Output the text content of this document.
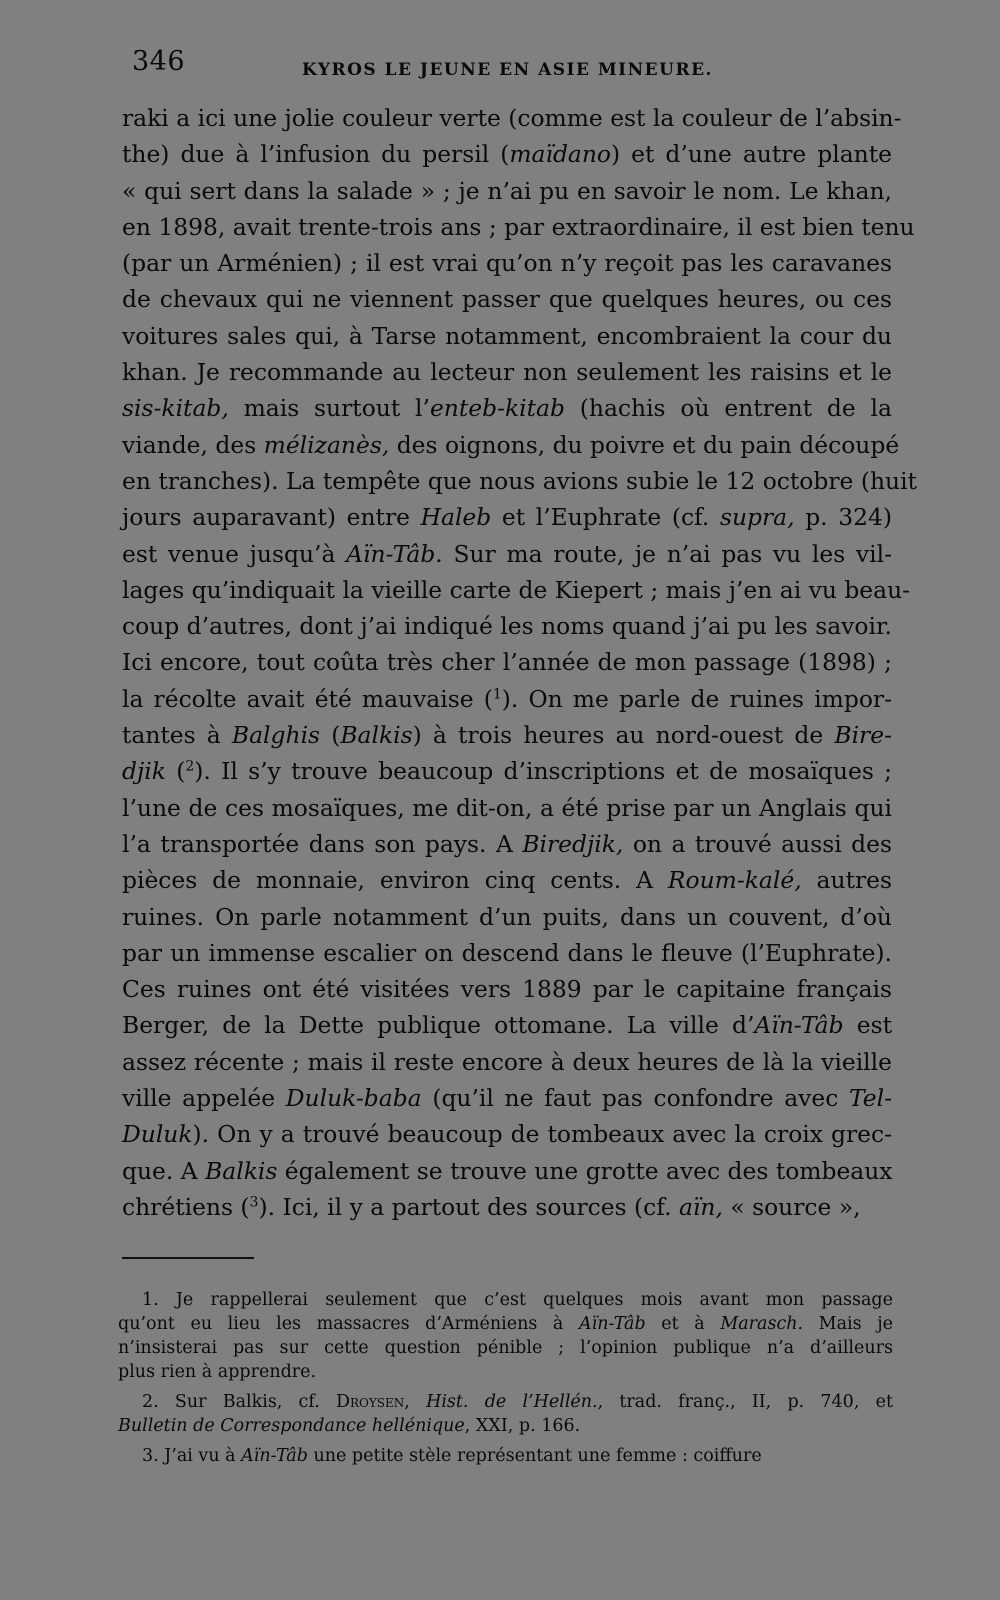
346	KYROS LE JEUNE EN ASIE MINEURE.
raki a ici une jolie couleur verte (comme est la couleur de l’absin-
the) due à l’infusion du persil (maïdano) et d’une autre plante
« qui sert dans la salade » ; je n’ai pu en savoir le nom. Le khan,
en 1898, avait trente-trois ans ; par extraordinaire, il est bien tenu
(par un Arménien) ; il est vrai qu’on n’y reçoit pas les caravanes
de chevaux qui ne viennent passer que quelques heures, ou ces
voitures sales qui, à Tarse notamment, encombraient la cour du
khan. Je recommande au lecteur non seulement les raisins et le
sis-kitab, mais surtout l’enteb-kitab (hachis où entrent de la
viande, des mélizanès, des oignons, du poivre et du pain découpé
en tranches). La tempête que nous avions subie le 12 octobre (huit
jours auparavant) entre Haleb et l’Euphrate (cf. supra, p. 324)
est venue jusqu’à Aïn-Tâb. Sur ma route, je n’ai pas vu les vil-
lages qu’indiquait la vieille carte de Kiepert ; mais j’en ai vu beau-
coup d’autres, dont j’ai indiqué les noms quand j’ai pu les savoir.
Ici encore, tout coûta très cher l’année de mon passage (1898) ;
la récolte avait été mauvaise ($^1$). On me parle de ruines impor-
tantes à Balghis (Balkis) à trois heures au nord-ouest de Bire-
djik ($^2$). Il s’y trouve beaucoup d’inscriptions et de mosaïques ;
l’une de ces mosaïques, me dit-on, a été prise par un Anglais qui
l’a transportée dans son pays. A Biredjik, on a trouvé aussi des
pièces de monnaie, environ cinq cents. A Roum-kalé, autres
ruines. On parle notamment d’un puits, dans un couvent, d’où
par un immense escalier on descend dans le fleuve (l’Euphrate).
Ces ruines ont été visitées vers 1889 par le capitaine français
Berger, de la Dette publique ottomane. La ville d’Aïn-Tâb est
assez récente ; mais il reste encore à deux heures de là la vieille
ville appelée Duluk-baba (qu’il ne faut pas confondre avec Tel-
Duluk). On y a trouvé beaucoup de tombeaux avec la croix grec-
que. A Balkis également se trouve une grotte avec des tombeaux
chrétiens ($^3$). Ici, il y a partout des sources (cf. aïn, « source »,
1. Je rappellerai seulement que c’est quelques mois avant mon passage
qu’ont eu lieu les massacres d’Arméniens à Aïn-Tâb et à Marasch. Mais je
n’insisterai pas sur cette question pénible ; l’opinion publique n’a d’ailleurs
plus rien à apprendre.
2. Sur Balkis, cf. Droysen, Hist. de l’Hellén., trad. franç., II, p. 740, et
Bulletin de Correspondance hellénique, XXI, p. 166.
3. J’ai vu à Aïn-Tâb une petite stèle représentant une femme : coiffure
